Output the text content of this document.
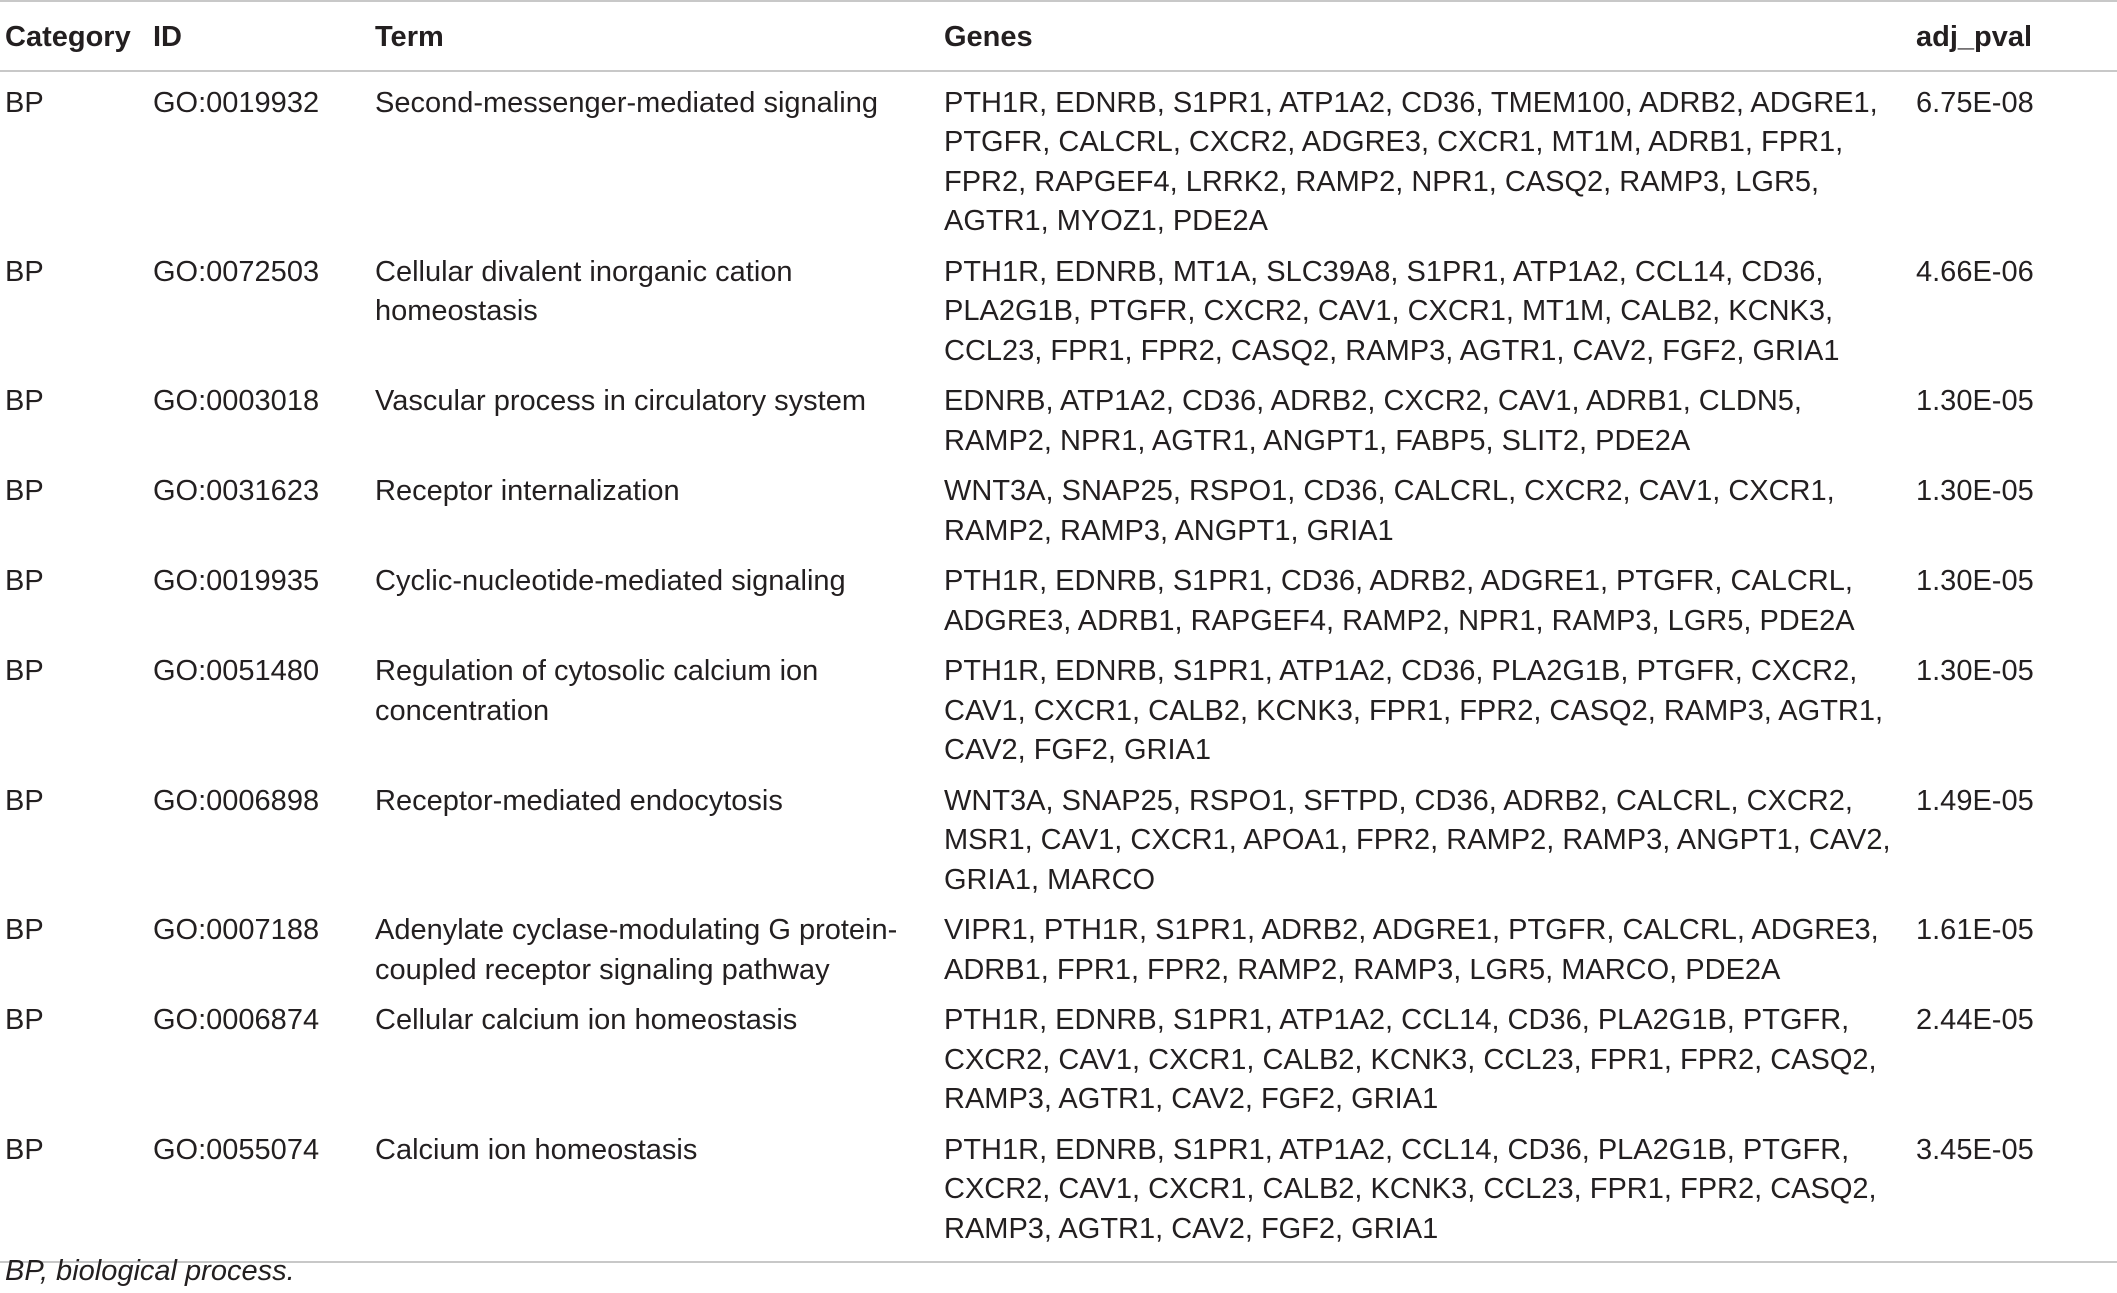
Category	ID	Term	Genes	adj_pval
BP	GO:0019932	Second-messenger-mediated signaling	PTH1R, EDNRB, S1PR1, ATP1A2, CD36, TMEM100, ADRB2, ADGRE1, PTGFR, CALCRL, CXCR2, ADGRE3, CXCR1, MT1M, ADRB1, FPR1, FPR2, RAPGEF4, LRRK2, RAMP2, NPR1, CASQ2, RAMP3, LGR5, AGTR1, MYOZ1, PDE2A	6.75E-08
BP	GO:0072503	Cellular divalent inorganic cation homeostasis	PTH1R, EDNRB, MT1A, SLC39A8, S1PR1, ATP1A2, CCL14, CD36, PLA2G1B, PTGFR, CXCR2, CAV1, CXCR1, MT1M, CALB2, KCNK3, CCL23, FPR1, FPR2, CASQ2, RAMP3, AGTR1, CAV2, FGF2, GRIA1	4.66E-06
BP	GO:0003018	Vascular process in circulatory system	EDNRB, ATP1A2, CD36, ADRB2, CXCR2, CAV1, ADRB1, CLDN5, RAMP2, NPR1, AGTR1, ANGPT1, FABP5, SLIT2, PDE2A	1.30E-05
BP	GO:0031623	Receptor internalization	WNT3A, SNAP25, RSPO1, CD36, CALCRL, CXCR2, CAV1, CXCR1, RAMP2, RAMP3, ANGPT1, GRIA1	1.30E-05
BP	GO:0019935	Cyclic-nucleotide-mediated signaling	PTH1R, EDNRB, S1PR1, CD36, ADRB2, ADGRE1, PTGFR, CALCRL, ADGRE3, ADRB1, RAPGEF4, RAMP2, NPR1, RAMP3, LGR5, PDE2A	1.30E-05
BP	GO:0051480	Regulation of cytosolic calcium ion concentration	PTH1R, EDNRB, S1PR1, ATP1A2, CD36, PLA2G1B, PTGFR, CXCR2, CAV1, CXCR1, CALB2, KCNK3, FPR1, FPR2, CASQ2, RAMP3, AGTR1, CAV2, FGF2, GRIA1	1.30E-05
BP	GO:0006898	Receptor-mediated endocytosis	WNT3A, SNAP25, RSPO1, SFTPD, CD36, ADRB2, CALCRL, CXCR2, MSR1, CAV1, CXCR1, APOA1, FPR2, RAMP2, RAMP3, ANGPT1, CAV2, GRIA1, MARCO	1.49E-05
BP	GO:0007188	Adenylate cyclase-modulating G protein-coupled receptor signaling pathway	VIPR1, PTH1R, S1PR1, ADRB2, ADGRE1, PTGFR, CALCRL, ADGRE3, ADRB1, FPR1, FPR2, RAMP2, RAMP3, LGR5, MARCO, PDE2A	1.61E-05
BP	GO:0006874	Cellular calcium ion homeostasis	PTH1R, EDNRB, S1PR1, ATP1A2, CCL14, CD36, PLA2G1B, PTGFR, CXCR2, CAV1, CXCR1, CALB2, KCNK3, CCL23, FPR1, FPR2, CASQ2, RAMP3, AGTR1, CAV2, FGF2, GRIA1	2.44E-05
BP	GO:0055074	Calcium ion homeostasis	PTH1R, EDNRB, S1PR1, ATP1A2, CCL14, CD36, PLA2G1B, PTGFR, CXCR2, CAV1, CXCR1, CALB2, KCNK3, CCL23, FPR1, FPR2, CASQ2, RAMP3, AGTR1, CAV2, FGF2, GRIA1	3.45E-05
BP, biological process.
